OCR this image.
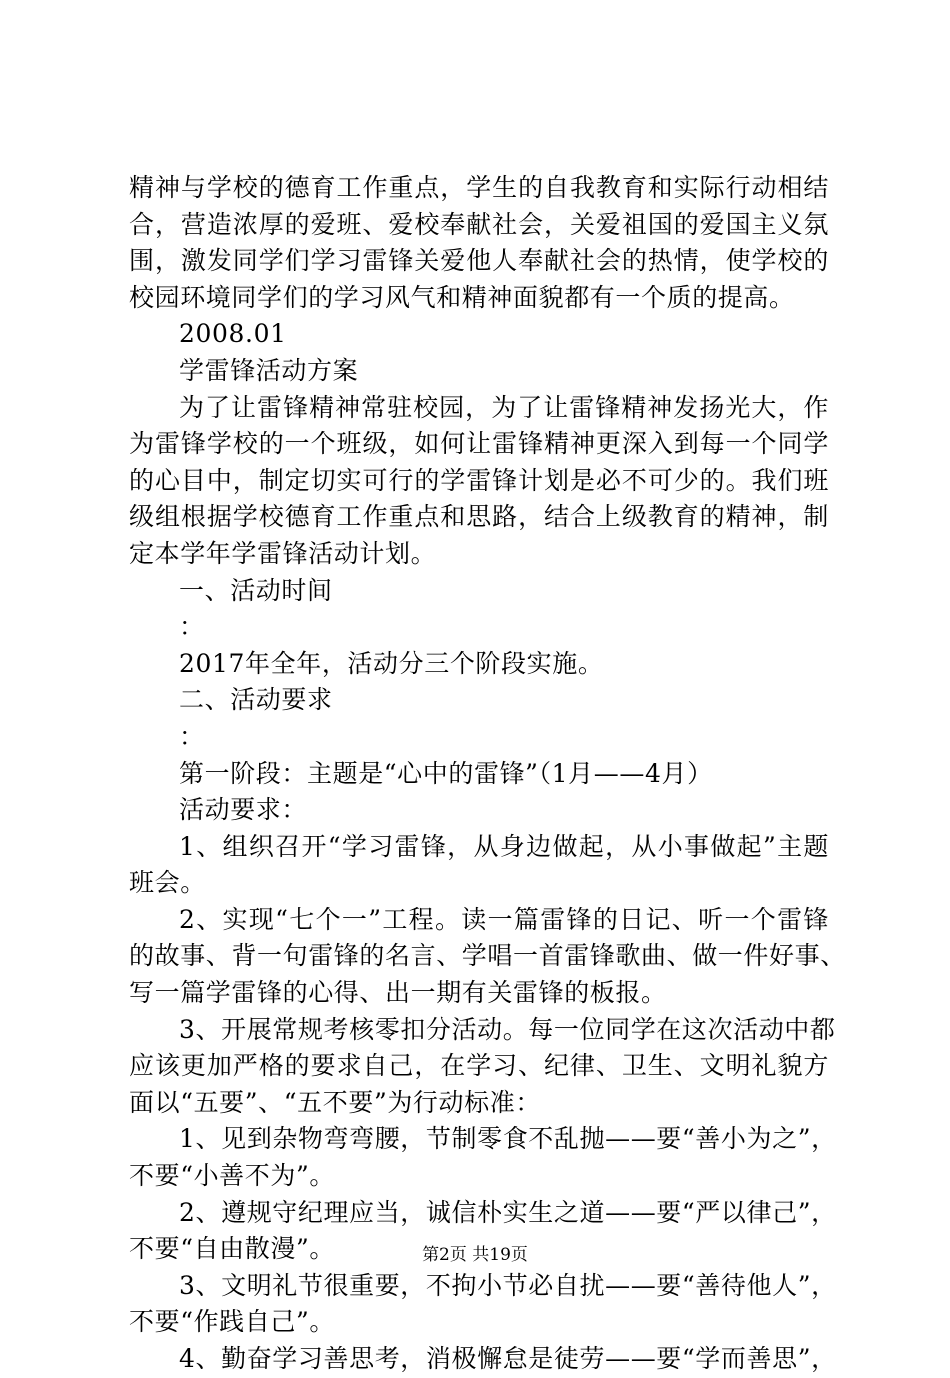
精神与学校的德育工作重点，学生的自我教育和实际行动相结
合，营造浓厚的爱班、爱校奉献社会，关爱祖国的爱国主义氛
围，激发同学们学习雷锋关爱他人奉献社会的热情，使学校的
校园环境同学们的学习风气和精神面貌都有一个质的提高。
2008.01
学雷锋活动方案
为了让雷锋精神常驻校园，为了让雷锋精神发扬光大，作
为雷锋学校的一个班级，如何让雷锋精神更深入到每一个同学
的心目中，制定切实可行的学雷锋计划是必不可少的。我们班
级组根据学校德育工作重点和思路，结合上级教育的精神，制
定本学年学雷锋活动计划。
一、活动时间
：
2017年全年，活动分三个阶段实施。
二、活动要求
：
第一阶段：主题是“心中的雷锋”（1月——4月）
活动要求：
1、组织召开“学习雷锋，从身边做起，从小事做起”主题
班会。
2、实现“七个一”工程。读一篇雷锋的日记、听一个雷锋
的故事、背一句雷锋的名言、学唱一首雷锋歌曲、做一件好事、
写一篇学雷锋的心得、出一期有关雷锋的板报。
3、开展常规考核零扣分活动。每一位同学在这次活动中都
应该更加严格的要求自己，在学习、纪律、卫生、文明礼貌方
面以“五要”、“五不要”为行动标准：
1、见到杂物弯弯腰，节制零食不乱抛——要“善小为之”，
不要“小善不为”。
2、遵规守纪理应当，诚信朴实生之道——要“严以律己”，
不要“自由散漫”。
3、文明礼节很重要，不拘小节必自扰——要“善待他人”，
不要“作践自己”。
4、勤奋学习善思考，消极懈怠是徒劳——要“学而善思”，
第2页 共19页
